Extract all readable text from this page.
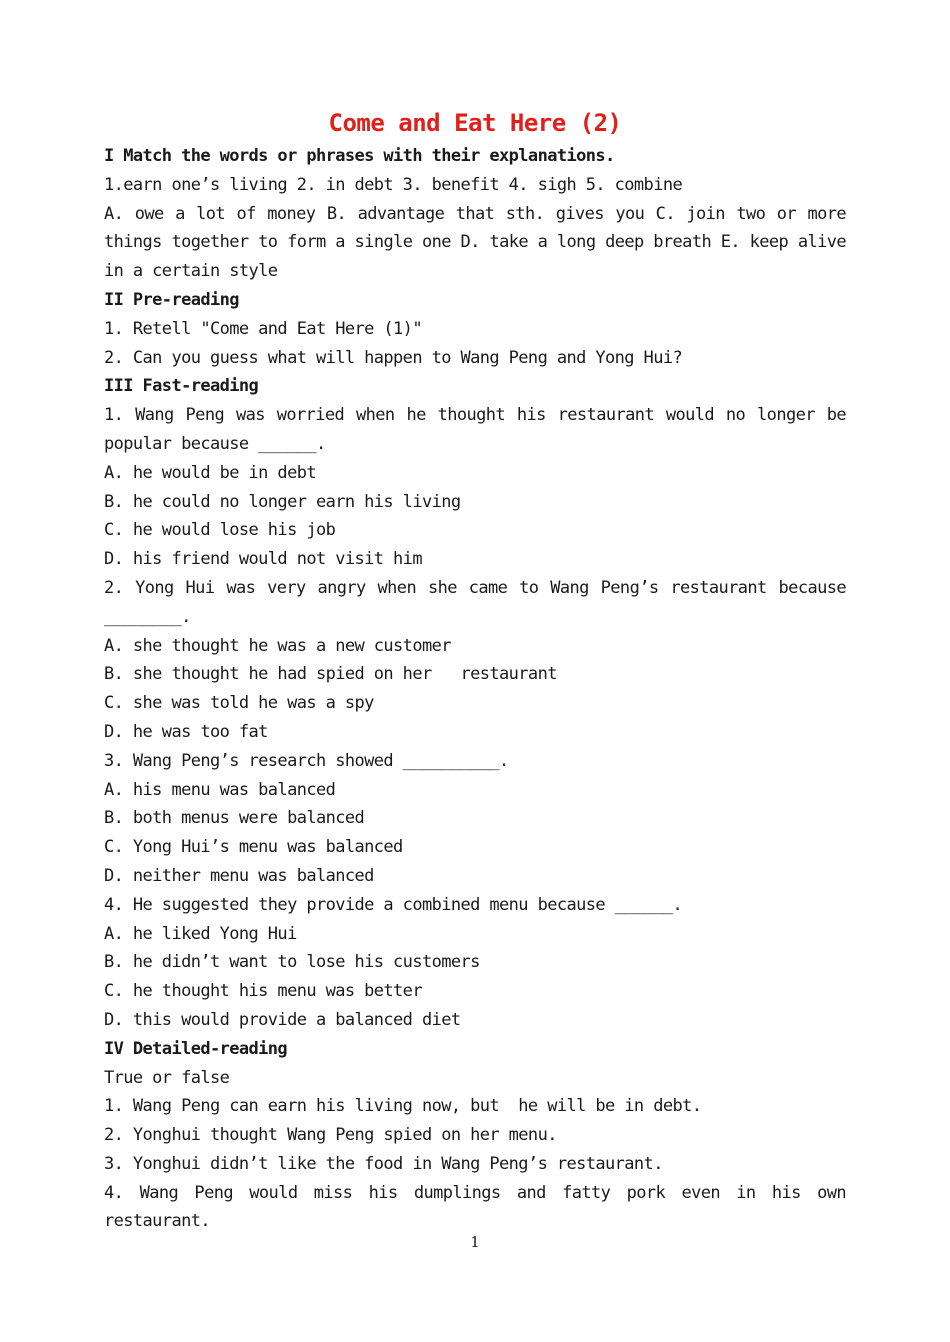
Come and Eat Here (2)
I Match the words or phrases with their explanations.
1.earn one’s living 2. in debt 3. benefit 4. sigh 5. combine
A. owe a lot of money B. advantage that sth. gives you C. join two or more things together to form a single one D. take a long deep breath E. keep alive in a certain style
II Pre-reading
1. Retell "Come and Eat Here (1)"
2. Can you guess what will happen to Wang Peng and Yong Hui?
III Fast-reading
1. Wang Peng was worried when he thought his restaurant would no longer be popular because ______.
A. he would be in debt
B. he could no longer earn his living
C. he would lose his job
D. his friend would not visit him
2. Yong Hui was very angry when she came to Wang Peng’s restaurant because ________.
A. she thought he was a new customer
B. she thought he had spied on her   restaurant
C. she was told he was a spy
D. he was too fat
3. Wang Peng’s research showed __________.
A. his menu was balanced
B. both menus were balanced
C. Yong Hui’s menu was balanced
D. neither menu was balanced
4. He suggested they provide a combined menu because ______.
A. he liked Yong Hui
B. he didn’t want to lose his customers
C. he thought his menu was better
D. this would provide a balanced diet
IV Detailed-reading
True or false
1. Wang Peng can earn his living now, but  he will be in debt.
2. Yonghui thought Wang Peng spied on her menu.
3. Yonghui didn’t like the food in Wang Peng’s restaurant.
4. Wang Peng would miss his dumplings and fatty pork even in his own restaurant.
1
